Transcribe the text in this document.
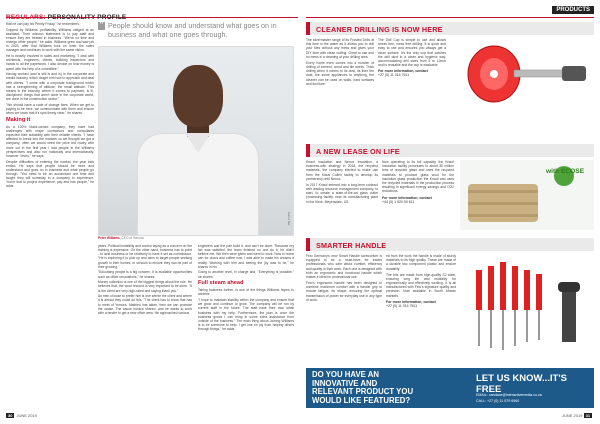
REGULARS: PERSONALITY PROFILE

that he can pay his Penny Friday," he remembers.

Gripped by Williams' profitability, Williams obliged at an assistant. Their mission statement is to pay staff and ensure they are treated in business. "We've no time and change other people," he adds. Williams grew and saw job in 2003, after that Williams took on inner the sales manager and continues to work with the same vision.

He is heavily involved in sales and marketing. "I deal with architects, engineers, clients, building inspectors and hands to all the paperwork. I also decide on how money is spent with the help of a committee."

Having worked (and is still is and is) in the corporate and media industry, which taught him how to approach and deal with clients. "I come with a corporate background which has a strengthening of attitude, the small attitude. This means in the industry, where it comes to payment, is ill-disciplined, things that aren't done in the corporate world, are done in the construction sector."

"We should have a code of change fixes. When we get to paying to be here, we communicate with them and ensure when we know that it's spot timely clear," he shares.

Making it

As a 100% black-owned company, they have had challenges with major contractors and consultants expected their suitability with their reliable clients. "I have affected to break into the markets so we thought we get a company, often we would need the price bid rivalry with more cut in the first year I had people in the Williams perspectives and also run nationally and internationally, however I learn," he says.

Despite difficulties of entering the market, the year bids ended. He says that people should be more and understand and goes on in business and what people go through. "You need to be an accountant one time and taught they will someday in a company to experience. You're that to project experience, pay and has people," he adds.

“ People should know and understand what goes on in business and what one goes through.
Pierre Nel
Peter Williams, CEO of Yomura

years. Political instability and control laying as a concern on the training is expensive. On the other hand, business has to point - to land business or be relatively to have it set as commission. "He is exploring it to pick up and aims to target people seeking growth in their homes, or schools to ensure they can be part of their growing."

"Educating people is a big concern. It is available opportunities such as office renovations," he shares.

Money collection is one of the biggest things about the role. He believes that, the word recount is very important to be done. "It is the client are very high-rated and saying thank you."

As men choose to prefer him is one where the client and where it is ahead they could do this. "The client has to know that has to meet of Yomura. Mathieu has taken, then we can promote the cause. The cause invoice shared, and he wants to work with a tender to get a new office area. He approached various

engineers and the pair build it, and can't be done. "Because my lab was satisfied, the team finished on one do it, he didn't believe me. We then were given and went to work. Now in home can for doors and coffee now. I was able to make his dreams a reality. Working with him and seeing the joy was to be," he shares in his.

Going to another level, in charge and, "Everything is possible," he shares.

Full steam ahead

Taking business further, is one of the things Williams hopes to achieve.

"I hope to maintain stability within the company and ensure that we grow and continue to grow. The company will be run by current staff in the future. The staff have their own small business with my help. Furthermore, the plan is once the business grows I can bring in some extra assistance from outside of the business." The main thing about Joining Williams is to be someone to help. I get one on joy from helping others through things," he adds.

PRODUCTS
CLEANER DRILLING IS NOW HERE

The silvermaster range of its Frosted Drills at this time in the water as it allows you to drill your tiles without any mess and gives your DIY time with clean cutting. Great to use and no mess is a cleaning of your drilling area.

Every home even comes into a number of drilling of cement, wood and tile works. Thick drilling when it comes to its dust, its then the dust, the some appliances to anything, the cleaner can be used on walls, hard surfaces and furniture.

The Drill Cup is simple to use and allows stress free, mess free drilling. It is quick and easy to use and ensures you always get a clean surface. It's the only cup that catches the drill dust in a clean and hygienic way, accommodating drill sizes from 5 to 12mm and is reusable and the cup is washable.

For more information, contact
+27 (0) 11 314 7511
A NEW LEASE ON LIFE

Knauf Insulation and Nenox Insulation, a business-with strategy in 2018, the recycled materials, the company elected to make use from the Klaus Cullen facility to develop its partnership until Nenox.

In 2017 Knauf entered into a long-term contract with leading resource management company, to start, to create a state-of-the-art glass outlet processing facility, near its manufacturing plant in the Klerk, Meyersdale, US.

Now operating to its full capacity, the Knauf Insulation facility processes to about 30 million tons of recycled glass and uses the recycled materials to produce glass wool for the insulation glass production the Knauf and uses the recycled materials in the production process resulting in significant energy savings and CO2 reductions.

For more information, contact
+44 (0) 1 520 50 611
with ECOSE
SMARTER HANDLE

Felo Germany's new Smart Handle screwdriver is equipped to be a must-have for trades professionals who care about comfort, efficiency and quality in their work. Each one is designed with both an ergonomic and functional handle which makes it ideal for professional use.

Felo's ergonomic handle has been designed to combine maximum comfort with a handle grip to reduce fatigue. Its shape, ensuring the optimal transmission of power for everyday use in any type of work.

ed from the work the handle is made of sturdy materials to its high quality. These are made of a durable two component plastic and ensure durability.

The bits are made from high-quality S2 steel, ensuring long life and reliability for ergonomically and effectively working. It is all manufactured with Felo's signature quality and precision. Now available in South African markets.

For more information, contact
+27 (0) 11 314 7511
DO YOU HAVE AN
INNOVATIVE AND
RELEVANT PRODUCT YOU
WOULD LIKE FEATURED?
LET US KNOW...IT'S FREE
EMAIL: candace@interactivemedia.co.za
CALL: +27 (0) 11 579 6960
30 JUNE 2019	JUNE 2019 31
